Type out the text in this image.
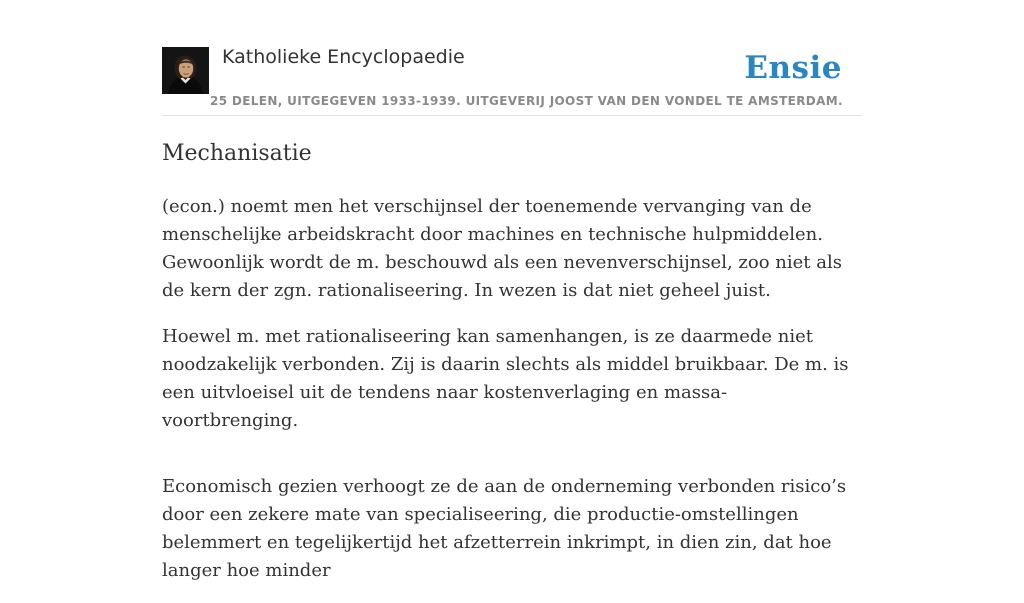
Katholieke Encyclopaedie	Ensie
25 DELEN, UITGEGEVEN 1933-1939. UITGEVERIJ JOOST VAN DEN VONDEL TE AMSTERDAM.
Mechanisatie

(econ.) noemt men het verschijnsel der toenemende vervanging van de menschelijke arbeidskracht door machines en technische hulpmiddelen. Gewoonlijk wordt de m. beschouwd als een nevenverschijnsel, zoo niet als de kern der zgn. rationaliseering. In wezen is dat niet geheel juist.

Hoewel m. met rationaliseering kan samenhangen, is ze daarmede niet noodzakelijk verbonden. Zij is daarin slechts als middel bruikbaar. De m. is een uitvloeisel uit de tendens naar kostenverlaging en massa-voortbrenging.

Economisch gezien verhoogt ze de aan de onderneming verbonden risico’s door een zekere mate van specialiseering, die productie-omstellingen belemmert en tegelijkertijd het afzetterrein inkrimpt, in dien zin, dat hoe langer hoe minder
